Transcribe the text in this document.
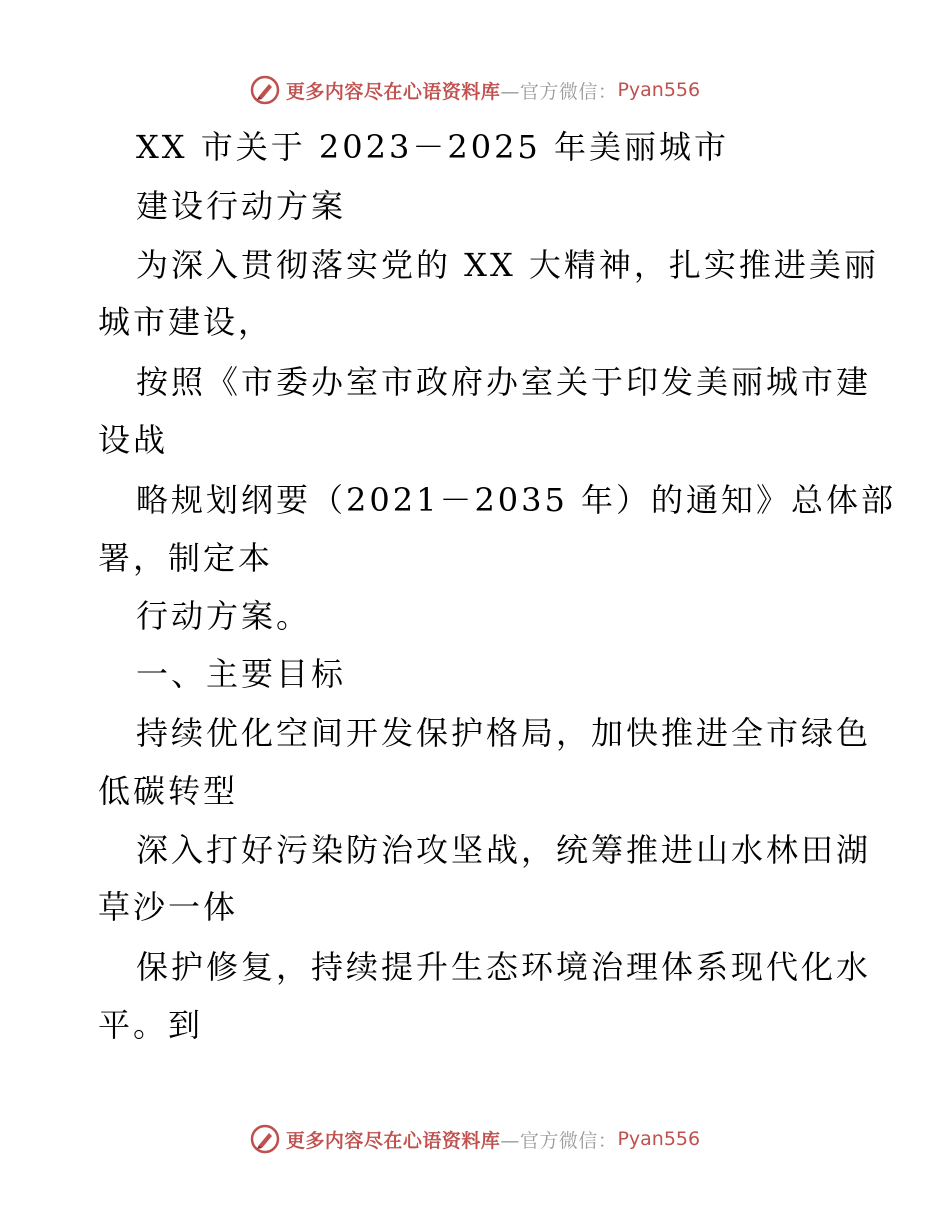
更多内容尽在心语资料库 —官方微信： Pyan556
XX 市关于 2023－2025 年美丽城市
建设行动方案
为深入贯彻落实党的 XX 大精神，扎实推进美丽
城市建设，
按照《市委办室市政府办室关于印发美丽城市建
设战
略规划纲要（2021－2035 年）的通知》总体部
署，制定本
行动方案。
一、主要目标
持续优化空间开发保护格局，加快推进全市绿色
低碳转型
深入打好污染防治攻坚战，统筹推进山水林田湖
草沙一体
保护修复，持续提升生态环境治理体系现代化水
平。到
更多内容尽在心语资料库 —官方微信： Pyan556
